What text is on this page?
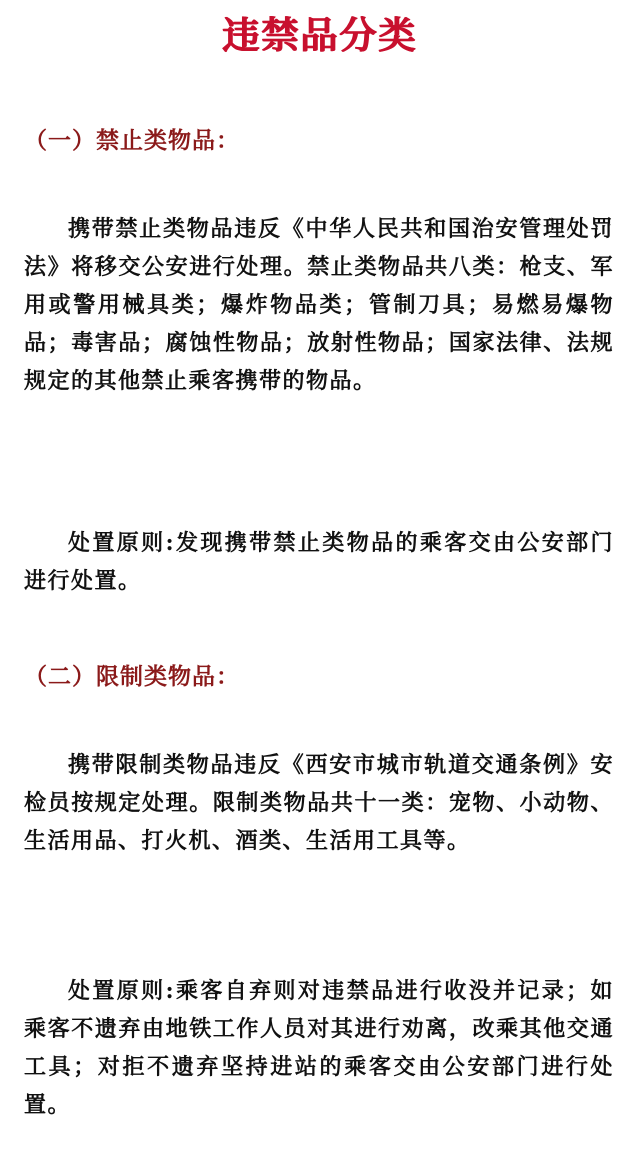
违禁品分类
（一）禁止类物品：
携带禁止类物品违反《中华人民共和国治安管理处罚法》将移交公安进行处理。禁止类物品共八类：枪支、军用或警用械具类；爆炸物品类；管制刀具；易燃易爆物品；毒害品；腐蚀性物品；放射性物品；国家法律、法规规定的其他禁止乘客携带的物品。
处置原则:发现携带禁止类物品的乘客交由公安部门进行处置。
（二）限制类物品：
携带限制类物品违反《西安市城市轨道交通条例》安检员按规定处理。限制类物品共十一类：宠物、小动物、生活用品、打火机、酒类、生活用工具等。
处置原则:乘客自弃则对违禁品进行收没并记录；如乘客不遗弃由地铁工作人员对其进行劝离，改乘其他交通工具；对拒不遗弃坚持进站的乘客交由公安部门进行处置。
